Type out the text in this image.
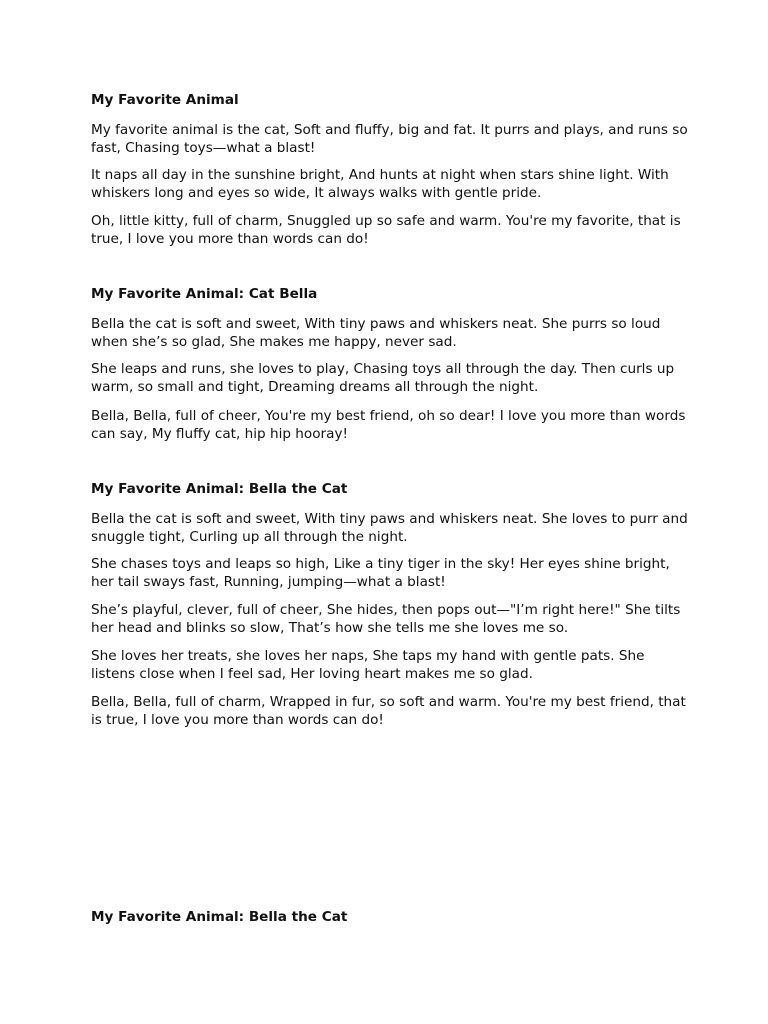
My Favorite Animal

My favorite animal is the cat, Soft and fluffy, big and fat. It purrs and plays, and runs so fast, Chasing toys—what a blast!

It naps all day in the sunshine bright, And hunts at night when stars shine light. With whiskers long and eyes so wide, It always walks with gentle pride.

Oh, little kitty, full of charm, Snuggled up so safe and warm. You're my favorite, that is true, I love you more than words can do!

My Favorite Animal: Cat Bella

Bella the cat is soft and sweet, With tiny paws and whiskers neat. She purrs so loud when she’s so glad, She makes me happy, never sad.

She leaps and runs, she loves to play, Chasing toys all through the day. Then curls up warm, so small and tight, Dreaming dreams all through the night.

Bella, Bella, full of cheer, You're my best friend, oh so dear! I love you more than words can say, My fluffy cat, hip hip hooray!

My Favorite Animal: Bella the Cat

Bella the cat is soft and sweet, With tiny paws and whiskers neat. She loves to purr and snuggle tight, Curling up all through the night.

She chases toys and leaps so high, Like a tiny tiger in the sky! Her eyes shine bright, her tail sways fast, Running, jumping—what a blast!

She’s playful, clever, full of cheer, She hides, then pops out—"I’m right here!" She tilts her head and blinks so slow, That’s how she tells me she loves me so.

She loves her treats, she loves her naps, She taps my hand with gentle pats. She listens close when I feel sad, Her loving heart makes me so glad.

Bella, Bella, full of charm, Wrapped in fur, so soft and warm. You're my best friend, that is true, I love you more than words can do!

My Favorite Animal: Bella the Cat
